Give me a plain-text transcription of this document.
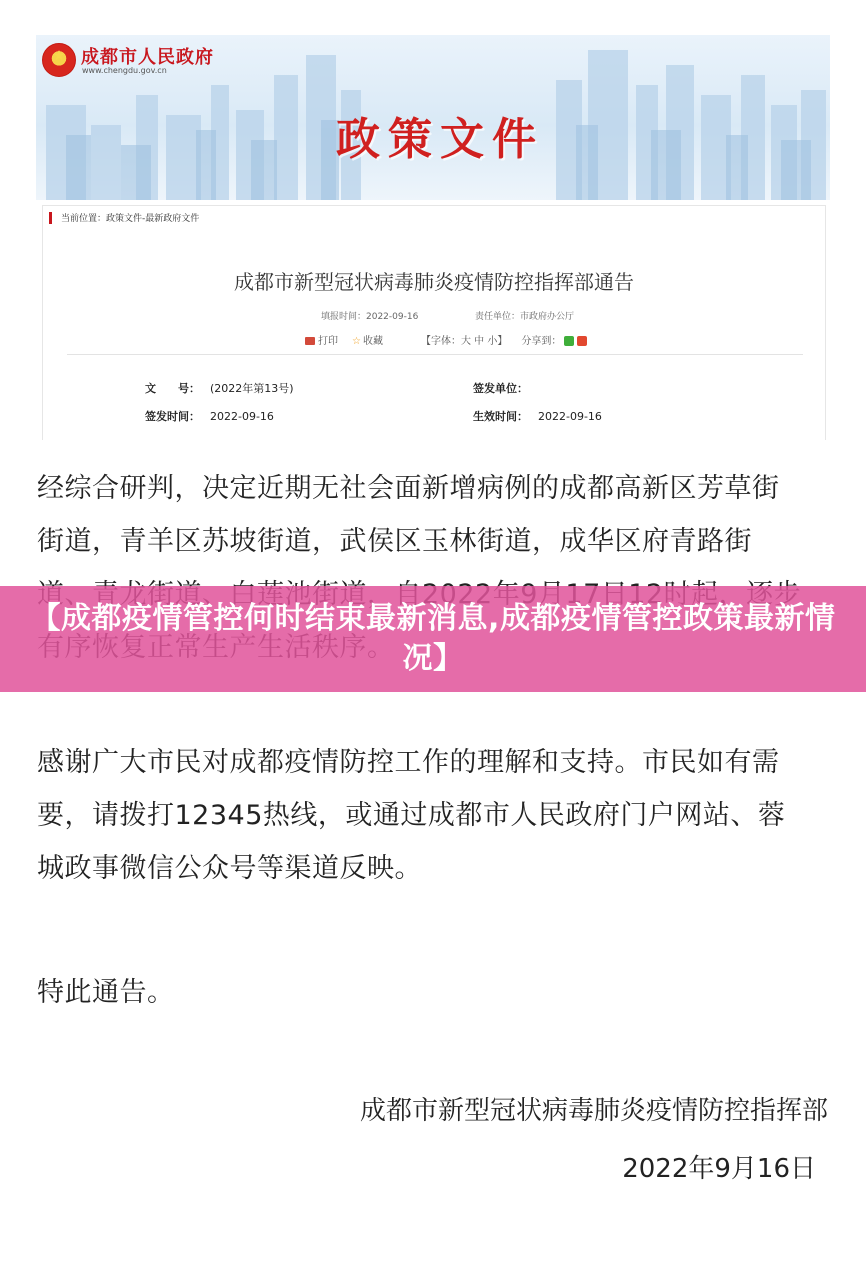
★ 成都市人民政府
www.chengdu.gov.cn
政策文件
当前位置：政策文件-最新政府文件
成都市新型冠状病毒肺炎疫情防控指挥部通告
填报时间：2022-09-16	责任单位：市政府办公厅
打印 ☆ 收藏	【字体：大 中 小】 分享到：
文　　号： (2022年第13号)	签发单位：
签发时间： 2022-09-16	生效时间： 2022-09-16
经综合研判，决定近期无社会面新增病例的成都高新区芳草街
街道，青羊区苏坡街道，武侯区玉林街道，成华区府青路街
感谢广大市民对成都疫情防控工作的理解和支持。市民如有需
要，请拨打12345热线，或通过成都市人民政府门户网站、蓉
城政事微信公众号等渠道反映。
特此通告。
成都市新型冠状病毒肺炎疫情防控指挥部
2022年9月16日
【成都疫情管控何时结束最新消息,成都疫情管控政策最新情况】
